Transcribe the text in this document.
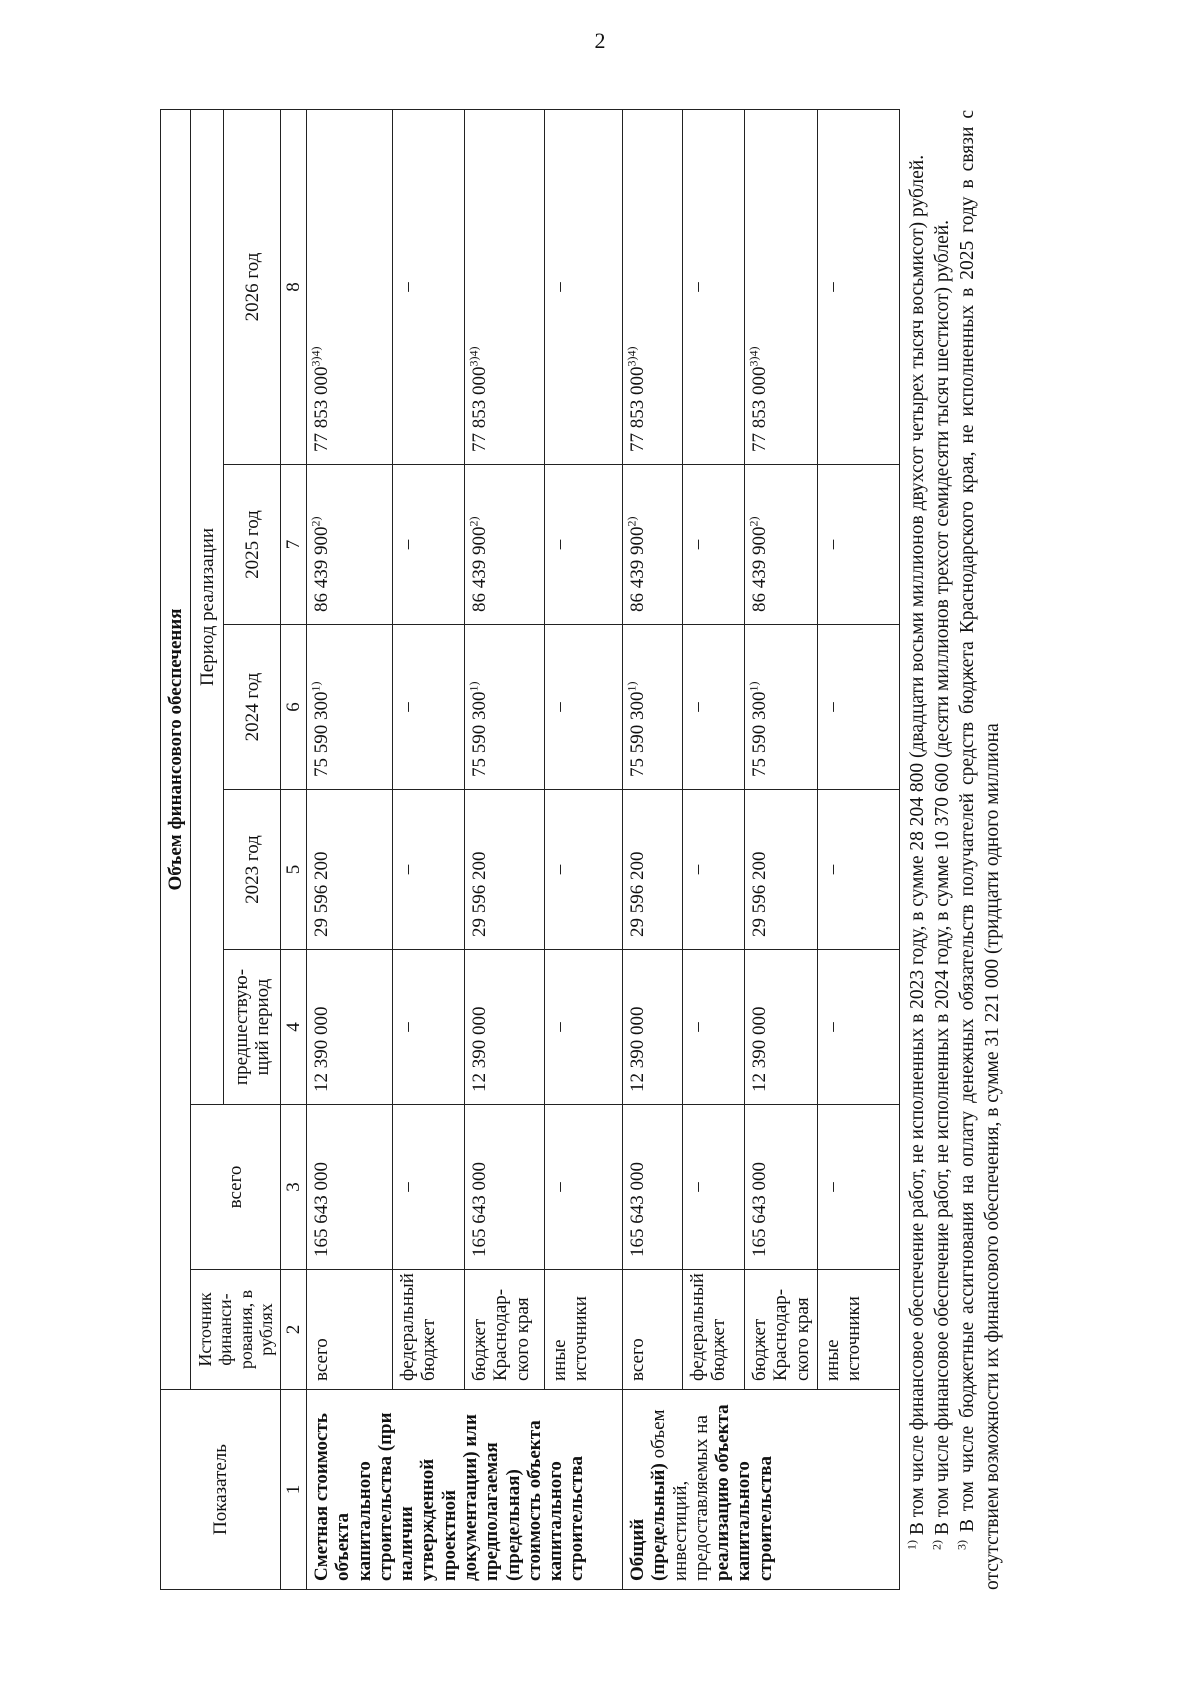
2
Показатель	Объем финансового обеспечения						
	Источник финанси- рования, в рублях	всего	Период реализации				
			предшествую- щий период	2023 год	2024 год	2025 год	2026 год
1	2	3	4	5	6	7	8
Сметная стоимость объекта капитального строительства (при наличии утвержденной проектной документации) или предполагаемая (предельная) стоимость объекта капитального строительства	всего	165 643 000	12 390 000	29 596 200	75 590 300$^{1)}$	86 439 900$^{2)}$	77 853 $000^{3)4)}$
	федеральный бюджет	–	–	–	–	–	–
	бюджет Краснодар- ского края	165 643 000	12 390 000	29 596 200	75 590 300$^{1)}$	86 439 900$^{2)}$	77 853 $000^{3)4)}$
	иные источники	–	–	–	–	–	–
Общий (предельный) объем инвестиций, предоставляемых на реализацию объекта капитального строительства	всего	165 643 000	12 390 000	29 596 200	75 590 300$^{1)}$	86 439 900$^{2)}$	77 853 $000^{3)4)}$
	федеральный бюджет	–	–	–	–	–	–
	бюджет Краснодар- ского края	165 643 000	12 390 000	29 596 200	75 590 300$^{1)}$	86 439 900$^{2)}$	77 853 $000^{3)4)}$
	иные источники	–	–	–	–	–	–

$^{1)}$ В том числе финансовое обеспечение работ, не исполненных в 2023 году, в сумме 28 204 800 (двадцати восьми миллионов двухсот четырех тысяч восьмисот) рублей.

$^{2)}$ В том числе финансовое обеспечение работ, не исполненных в 2024 году, в сумме 10 370 600 (десяти миллионов трехсот семидесяти тысяч шестисот) рублей.

$^{3)}$ В том числе бюджетные ассигнования на оплату денежных обязательств получателей средств бюджета Краснодарского края, не исполненных в 2025 году в связи с отсутствием возможности их финансового обеспечения, в сумме 31 221 000 (тридцати одного миллиона
